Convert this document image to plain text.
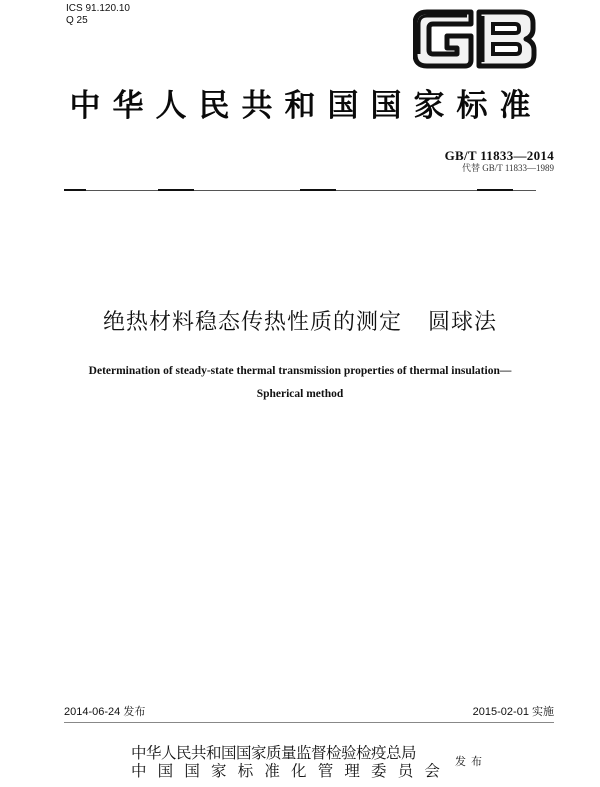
ICS 91.120.10
Q 25
中华人民共和国国家标准
GB/T 11833—2014
代替 GB/T 11833—1989
绝热材料稳态传热性质的测定 圆球法
Determination of steady-state thermal transmission properties of thermal insulation—
Spherical method
2014-06-24 发布	2015-02-01 实施
中华人民共和国国家质量监督检验检疫总局
中 国 国 家 标 准 化 管 理 委 员 会
发布
